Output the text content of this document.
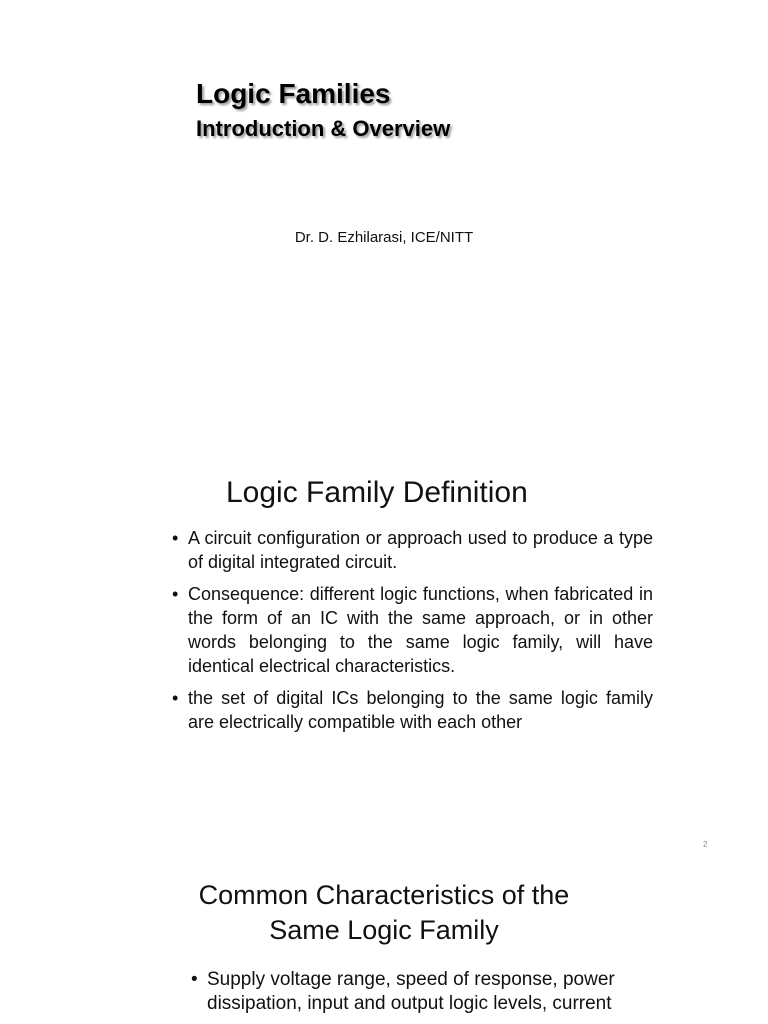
Logic Families
Introduction & Overview
Dr. D. Ezhilarasi, ICE/NITT
Logic Family Definition
• A circuit configuration or approach used to produce a type of digital integrated circuit.
• Consequence: different logic functions, when fabricated in the form of an IC with the same approach, or in other words belonging to the same logic family, will have identical electrical characteristics.
• the set of digital ICs belonging to the same logic family are electrically compatible with each other
2
Common Characteristics of the
Same Logic Family
• Supply voltage range, speed of response, power dissipation, input and output logic levels, current
